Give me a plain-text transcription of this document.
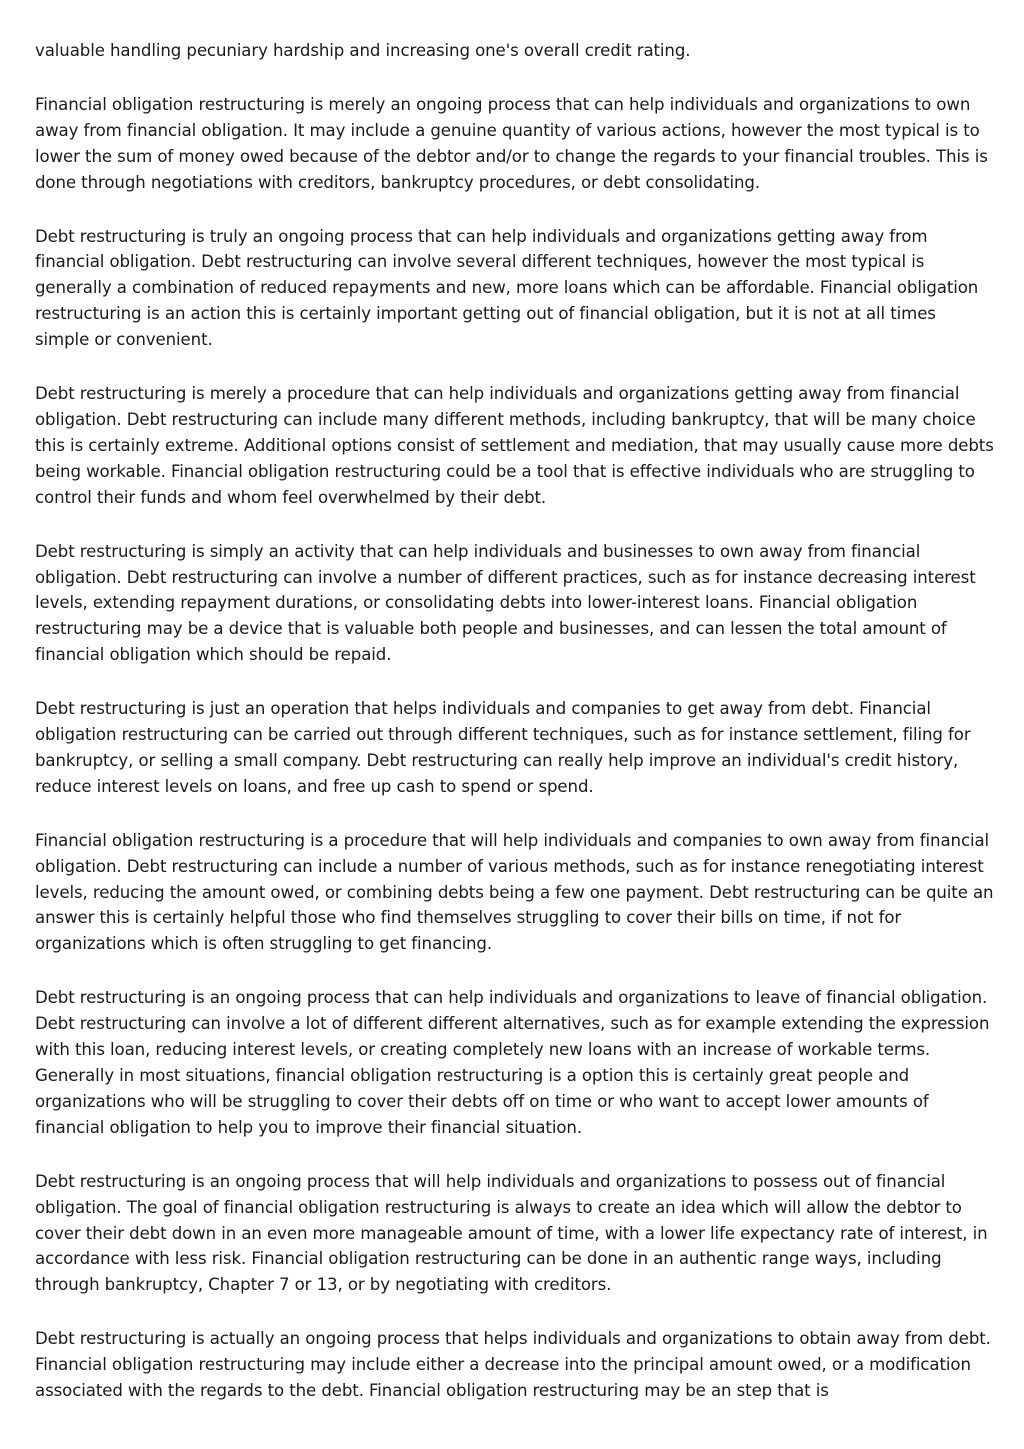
valuable handling pecuniary hardship and increasing one's overall credit rating.

Financial obligation restructuring is merely an ongoing process that can help individuals and organizations to own away from financial obligation. It may include a genuine quantity of various actions, however the most typical is to lower the sum of money owed because of the debtor and/or to change the regards to your financial troubles. This is done through negotiations with creditors, bankruptcy procedures, or debt consolidating.

Debt restructuring is truly an ongoing process that can help individuals and organizations getting away from financial obligation. Debt restructuring can involve several different techniques, however the most typical is generally a combination of reduced repayments and new, more loans which can be affordable. Financial obligation restructuring is an action this is certainly important getting out of financial obligation, but it is not at all times simple or convenient.

Debt restructuring is merely a procedure that can help individuals and organizations getting away from financial obligation. Debt restructuring can include many different methods, including bankruptcy, that will be many choice this is certainly extreme. Additional options consist of settlement and mediation, that may usually cause more debts being workable. Financial obligation restructuring could be a tool that is effective individuals who are struggling to control their funds and whom feel overwhelmed by their debt.

Debt restructuring is simply an activity that can help individuals and businesses to own away from financial obligation. Debt restructuring can involve a number of different practices, such as for instance decreasing interest levels, extending repayment durations, or consolidating debts into lower-interest loans. Financial obligation restructuring may be a device that is valuable both people and businesses, and can lessen the total amount of financial obligation which should be repaid.

Debt restructuring is just an operation that helps individuals and companies to get away from debt. Financial obligation restructuring can be carried out through different techniques, such as for instance settlement, filing for bankruptcy, or selling a small company. Debt restructuring can really help improve an individual's credit history, reduce interest levels on loans, and free up cash to spend or spend.

Financial obligation restructuring is a procedure that will help individuals and companies to own away from financial obligation. Debt restructuring can include a number of various methods, such as for instance renegotiating interest levels, reducing the amount owed, or combining debts being a few one payment. Debt restructuring can be quite an answer this is certainly helpful those who find themselves struggling to cover their bills on time, if not for organizations which is often struggling to get financing.

Debt restructuring is an ongoing process that can help individuals and organizations to leave of financial obligation. Debt restructuring can involve a lot of different different alternatives, such as for example extending the expression with this loan, reducing interest levels, or creating completely new loans with an increase of workable terms. Generally in most situations, financial obligation restructuring is a option this is certainly great people and organizations who will be struggling to cover their debts off on time or who want to accept lower amounts of financial obligation to help you to improve their financial situation.

Debt restructuring is an ongoing process that will help individuals and organizations to possess out of financial obligation. The goal of financial obligation restructuring is always to create an idea which will allow the debtor to cover their debt down in an even more manageable amount of time, with a lower life expectancy rate of interest, in accordance with less risk. Financial obligation restructuring can be done in an authentic range ways, including through bankruptcy, Chapter 7 or 13, or by negotiating with creditors.

Debt restructuring is actually an ongoing process that helps individuals and organizations to obtain away from debt. Financial obligation restructuring may include either a decrease into the principal amount owed, or a modification associated with the regards to the debt. Financial obligation restructuring may be an step that is
